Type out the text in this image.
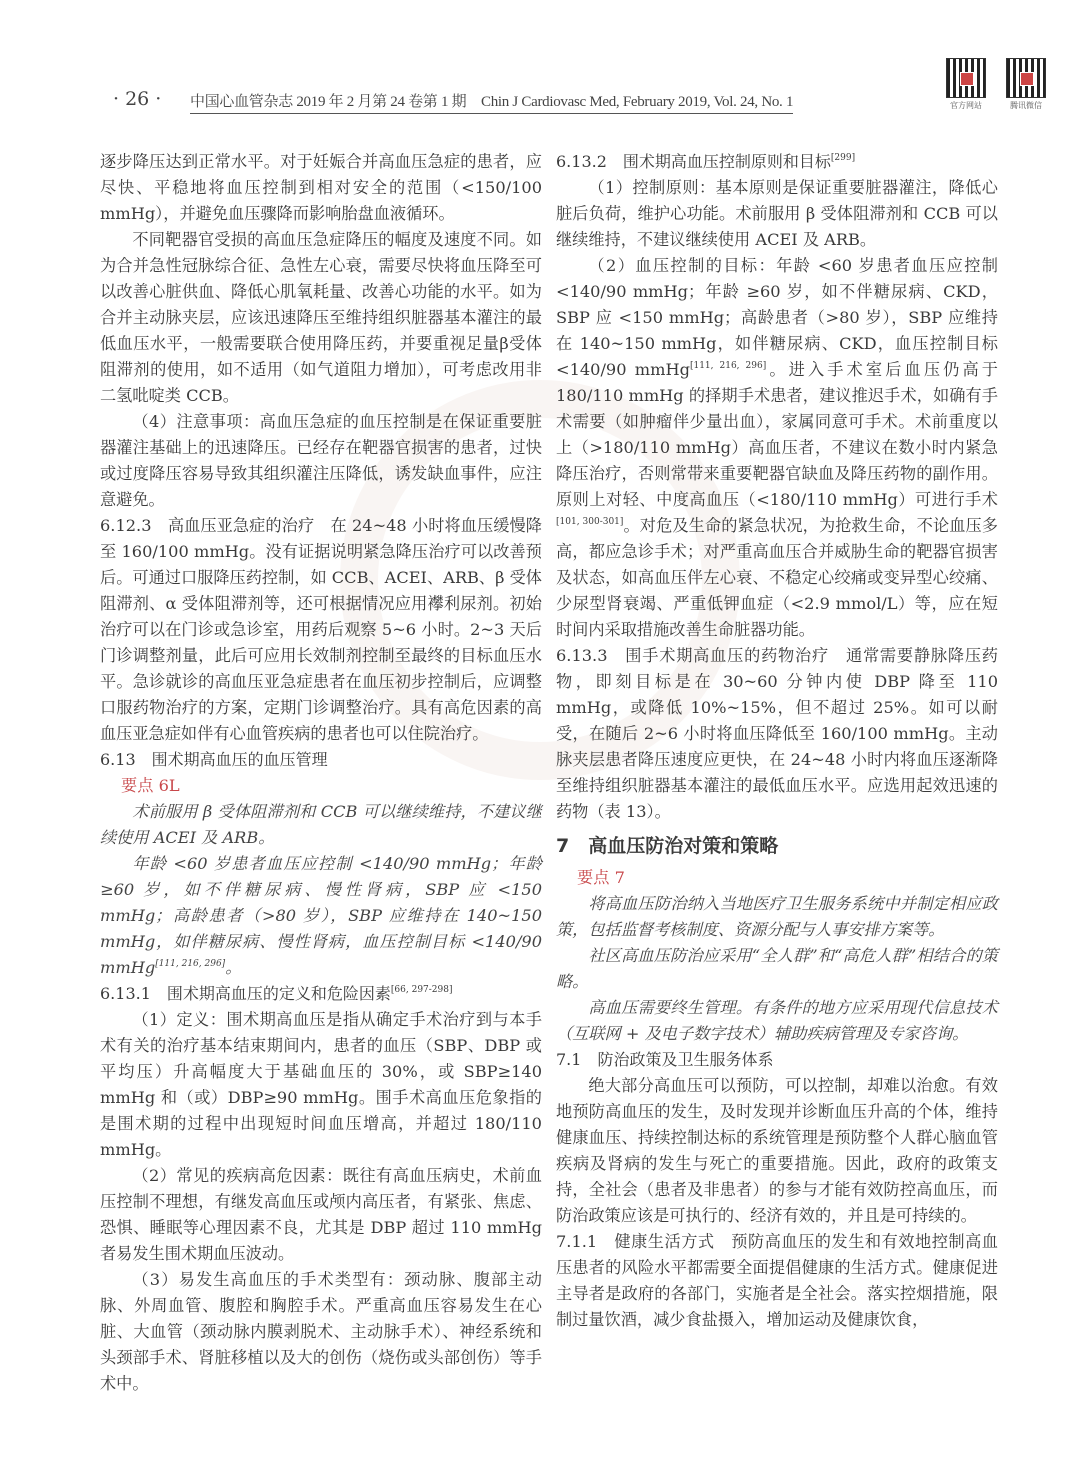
· 26 · 中国心血管杂志 2019 年 2 月第 24 卷第 1 期　Chin J Cardiovasc Med, February 2019, Vol. 24, No. 1	官方网站	腾讯微信

逐步降压达到正常水平。对于妊娠合并高血压急症的患者，应尽快、平稳地将血压控制到相对安全的范围（<150/100 mmHg），并避免血压骤降而影响胎盘血液循环。

不同靶器官受损的高血压急症降压的幅度及速度不同。如为合并急性冠脉综合征、急性左心衰，需要尽快将血压降至可以改善心脏供血、降低心肌氧耗量、改善心功能的水平。如为合并主动脉夹层，应该迅速降压至维持组织脏器基本灌注的最低血压水平，一般需要联合使用降压药，并要重视足量β受体阻滞剂的使用，如不适用（如气道阻力增加），可考虑改用非二氢吡啶类 CCB。

（4）注意事项：高血压急症的血压控制是在保证重要脏器灌注基础上的迅速降压。已经存在靶器官损害的患者，过快或过度降压容易导致其组织灌注压降低，诱发缺血事件，应注意避免。

6.12.3　高血压亚急症的治疗　在 24~48 小时将血压缓慢降至 160/100 mmHg。没有证据说明紧急降压治疗可以改善预后。可通过口服降压药控制，如 CCB、ACEI、ARB、β 受体阻滞剂、α 受体阻滞剂等，还可根据情况应用襻利尿剂。初始治疗可以在门诊或急诊室，用药后观察 5~6 小时。2~3 天后门诊调整剂量，此后可应用长效制剂控制至最终的目标血压水平。急诊就诊的高血压亚急症患者在血压初步控制后，应调整口服药物治疗的方案，定期门诊调整治疗。具有高危因素的高血压亚急症如伴有心血管疾病的患者也可以住院治疗。

6.13　围术期高血压的血压管理

要点 6L

术前服用 β 受体阻滞剂和 CCB 可以继续维持，不建议继续使用 ACEI 及 ARB。

年龄 <60 岁患者血压应控制 <140/90 mmHg；年龄 ≥60 岁，如不伴糖尿病、慢性肾病，SBP 应 <150 mmHg；高龄患者（>80 岁），SBP 应维持在 140~150 mmHg，如伴糖尿病、慢性肾病，血压控制目标 <140/90 mmHg[111, 216, 296]。

6.13.1　围术期高血压的定义和危险因素[66, 297-298]

（1）定义：围术期高血压是指从确定手术治疗到与本手术有关的治疗基本结束期间内，患者的血压（SBP、DBP 或平均压）升高幅度大于基础血压的 30%，或 SBP≥140 mmHg 和（或）DBP≥90 mmHg。围手术高血压危象指的是围术期的过程中出现短时间血压增高，并超过 180/110 mmHg。

（2）常见的疾病高危因素：既往有高血压病史，术前血压控制不理想，有继发高血压或颅内高压者，有紧张、焦虑、恐惧、睡眠等心理因素不良，尤其是 DBP 超过 110 mmHg 者易发生围术期血压波动。

（3）易发生高血压的手术类型有：颈动脉、腹部主动脉、外周血管、腹腔和胸腔手术。严重高血压容易发生在心脏、大血管（颈动脉内膜剥脱术、主动脉手术）、神经系统和头颈部手术、肾脏移植以及大的创伤（烧伤或头部创伤）等手术中。

6.13.2　围术期高血压控制原则和目标[299]

（1）控制原则：基本原则是保证重要脏器灌注，降低心脏后负荷，维护心功能。术前服用 β 受体阻滞剂和 CCB 可以继续维持，不建议继续使用 ACEI 及 ARB。

（2）血压控制的目标：年龄 <60 岁患者血压应控制 <140/90 mmHg；年龄 ≥60 岁，如不伴糖尿病、CKD，SBP 应 <150 mmHg；高龄患者（>80 岁），SBP 应维持在 140~150 mmHg，如伴糖尿病、CKD，血压控制目标 <140/90 mmHg[111, 216, 296]。进入手术室后血压仍高于 180/110 mmHg 的择期手术患者，建议推迟手术，如确有手术需要（如肿瘤伴少量出血），家属同意可手术。术前重度以上（>180/110 mmHg）高血压者，不建议在数小时内紧急降压治疗，否则常带来重要靶器官缺血及降压药物的副作用。原则上对轻、中度高血压（<180/110 mmHg）可进行手术[101, 300-301]。对危及生命的紧急状况，为抢救生命，不论血压多高，都应急诊手术；对严重高血压合并威胁生命的靶器官损害及状态，如高血压伴左心衰、不稳定心绞痛或变异型心绞痛、少尿型肾衰竭、严重低钾血症（<2.9 mmol/L）等，应在短时间内采取措施改善生命脏器功能。

6.13.3　围手术期高血压的药物治疗　通常需要静脉降压药物，即刻目标是在 30~60 分钟内使 DBP 降至 110 mmHg，或降低 10%~15%，但不超过 25%。如可以耐受，在随后 2~6 小时将血压降低至 160/100 mmHg。主动脉夹层患者降压速度应更快，在 24~48 小时内将血压逐渐降至维持组织脏器基本灌注的最低血压水平。应选用起效迅速的药物（表 13）。

7　高血压防治对策和策略

要点 7

将高血压防治纳入当地医疗卫生服务系统中并制定相应政策，包括监督考核制度、资源分配与人事安排方案等。

社区高血压防治应采用“全人群”和“高危人群”相结合的策略。

高血压需要终生管理。有条件的地方应采用现代信息技术（互联网 + 及电子数字技术）辅助疾病管理及专家咨询。

7.1　防治政策及卫生服务体系

绝大部分高血压可以预防，可以控制，却难以治愈。有效地预防高血压的发生，及时发现并诊断血压升高的个体，维持健康血压、持续控制达标的系统管理是预防整个人群心脑血管疾病及肾病的发生与死亡的重要措施。因此，政府的政策支持，全社会（患者及非患者）的参与才能有效防控高血压，而防治政策应该是可执行的、经济有效的，并且是可持续的。

7.1.1　健康生活方式　预防高血压的发生和有效地控制高血压患者的风险水平都需要全面提倡健康的生活方式。健康促进主导者是政府的各部门，实施者是全社会。落实控烟措施，限制过量饮酒，减少食盐摄入，增加运动及健康饮食，
